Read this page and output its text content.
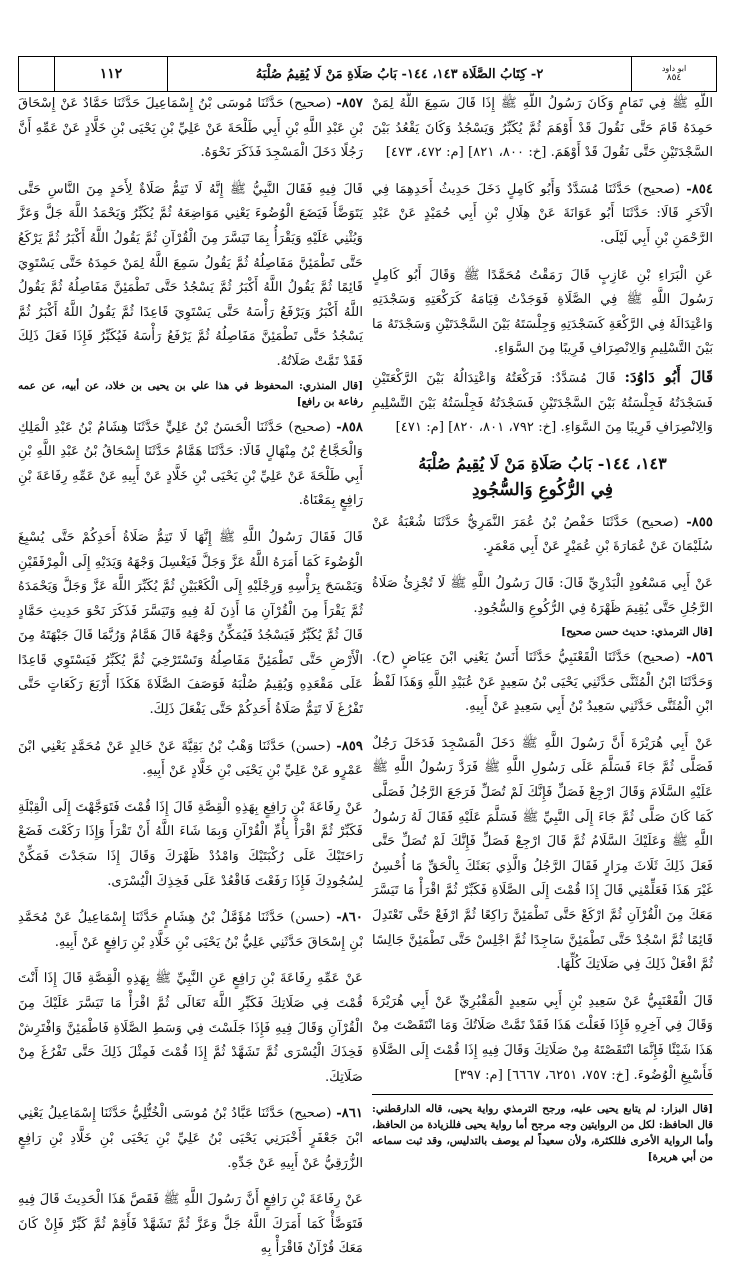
ابو داود
٨٥٤
٢- كِتَابُ الصَّلَاة ١٤٣، ١٤٤- بَابُ صَلَاةِ مَنْ لَا يُقِيمُ صُلْبَهُ
١١٢

اللَّهِ ﷺ فِي تَمَامٍ وَكَانَ رَسُولُ اللَّهِ ﷺ إِذَا قَالَ سَمِعَ اللَّهُ لِمَنْ حَمِدَهُ قَامَ حَتَّى نَقُولَ قَدْ أَوْهَمَ ثُمَّ يُكَبِّرُ وَيَسْجُدُ وَكَانَ يَقْعُدُ بَيْنَ السَّجْدَتَيْنِ حَتَّى نَقُولَ قَدْ أَوْهَمَ. [خ: ٨٠٠، ٨٢١] [م: ٤٧٢، ٤٧٣]

٨٥٤- (صحيح) حَدَّثَنَا مُسَدَّدٌ وَأَبُو كَامِلٍ دَخَلَ حَدِيثُ أَحَدِهِمَا فِي الْآخَرِ قَالَا: حَدَّثَنَا أَبُو عَوَانَةَ عَنْ هِلَالِ بْنِ أَبِي حُمَيْدٍ عَنْ عَبْدِ الرَّحْمَنِ بْنِ أَبِي لَيْلَى.

عَنِ الْبَرَاءِ بْنِ عَازِبٍ قَالَ رَمَقْتُ مُحَمَّدًا ﷺ وَقَالَ أَبُو كَامِلٍ رَسُولَ اللَّهِ ﷺ فِي الصَّلَاةِ فَوَجَدْتُ قِيَامَهُ كَرَكْعَتِهِ وَسَجْدَتِهِ وَاعْتِدَالَهُ فِي الرَّكْعَةِ كَسَجْدَتِهِ وَجِلْسَتَهُ بَيْنَ السَّجْدَتَيْنِ وَسَجْدَتَهُ مَا بَيْنَ التَّسْلِيمِ وَالِانْصِرَافِ قَرِيبًا مِنَ السَّوَاءِ.

قَالَ أَبُو دَاوُدَ: قَالَ مُسَدَّدٌ: فَرَكْعَتُهُ وَاعْتِدَالُهُ بَيْنَ الرَّكْعَتَيْنِ فَسَجْدَتُهُ فَجِلْسَتُهُ بَيْنَ السَّجْدَتَيْنِ فَسَجْدَتُهُ فَجِلْسَتُهُ بَيْنَ التَّسْلِيمِ وَالِانْصِرَافِ قَرِيبًا مِنَ السَّوَاءِ. [خ: ٧٩٢، ٨٠١، ٨٢٠] [م: ٤٧١]

١٤٣، ١٤٤- بَابُ صَلَاةِ مَنْ لَا يُقِيمُ صُلْبَهُ
فِي الرُّكُوعِ وَالسُّجُودِ

٨٥٥- (صحيح) حَدَّثَنَا حَفْصُ بْنُ عُمَرَ النَّمَرِيُّ حَدَّثَنَا شُعْبَةُ عَنْ سُلَيْمَانَ عَنْ عُمَارَةَ بْنِ عُمَيْرٍ عَنْ أَبِي مَعْمَرٍ.

عَنْ أَبِي مَسْعُودٍ الْبَدْرِيِّ قَالَ: قَالَ رَسُولُ اللَّهِ ﷺ لَا تُجْزِئُ صَلَاةُ الرَّجُلِ حَتَّى يُقِيمَ ظَهْرَهُ فِي الرُّكُوعِ وَالسُّجُودِ.

[قال الترمذي: حديث حسن صحيح]

٨٥٦- (صحيح) حَدَّثَنَا الْقَعْنَبِيُّ حَدَّثَنَا أَنَسٌ يَعْنِي ابْنَ عِيَاضٍ (ح). وَحَدَّثَنَا ابْنُ الْمُثَنَّى حَدَّثَنِي يَحْيَى بْنُ سَعِيدٍ عَنْ عُبَيْدِ اللَّهِ وَهَذَا لَفْظُ ابْنِ الْمُثَنَّى حَدَّثَنِي سَعِيدُ بْنُ أَبِي سَعِيدٍ عَنْ أَبِيهِ.

عَنْ أَبِي هُرَيْرَةَ أَنَّ رَسُولَ اللَّهِ ﷺ دَخَلَ الْمَسْجِدَ فَدَخَلَ رَجُلٌ فَصَلَّى ثُمَّ جَاءَ فَسَلَّمَ عَلَى رَسُولِ اللَّهِ ﷺ فَرَدَّ رَسُولُ اللَّهِ ﷺ عَلَيْهِ السَّلَامَ وَقَالَ ارْجِعْ فَصَلِّ فَإِنَّكَ لَمْ تُصَلِّ فَرَجَعَ الرَّجُلُ فَصَلَّى كَمَا كَانَ صَلَّى ثُمَّ جَاءَ إِلَى النَّبِيِّ ﷺ فَسَلَّمَ عَلَيْهِ فَقَالَ لَهُ رَسُولُ اللَّهِ ﷺ وَعَلَيْكَ السَّلَامُ ثُمَّ قَالَ ارْجِعْ فَصَلِّ فَإِنَّكَ لَمْ تُصَلِّ حَتَّى فَعَلَ ذَلِكَ ثَلَاثَ مِرَارٍ فَقَالَ الرَّجُلُ وَالَّذِي بَعَثَكَ بِالْحَقِّ مَا أُحْسِنُ غَيْرَ هَذَا فَعَلِّمْنِي قَالَ إِذَا قُمْتَ إِلَى الصَّلَاةِ فَكَبِّرْ ثُمَّ اقْرَأْ مَا تَيَسَّرَ مَعَكَ مِنَ الْقُرْآنِ ثُمَّ ارْكَعْ حَتَّى تَطْمَئِنَّ رَاكِعًا ثُمَّ ارْفَعْ حَتَّى تَعْتَدِلَ قَائِمًا ثُمَّ اسْجُدْ حَتَّى تَطْمَئِنَّ سَاجِدًا ثُمَّ اجْلِسْ حَتَّى تَطْمَئِنَّ جَالِسًا ثُمَّ افْعَلْ ذَلِكَ فِي صَلَاتِكَ كُلِّهَا.

قَالَ الْقَعْنَبِيُّ عَنْ سَعِيدِ بْنِ أَبِي سَعِيدٍ الْمَقْبُرِيِّ عَنْ أَبِي هُرَيْرَةَ وَقَالَ فِي آخِرِهِ فَإِذَا فَعَلْتَ هَذَا فَقَدْ تَمَّتْ صَلَاتُكَ وَمَا انْتَقَصْتَ مِنْ هَذَا شَيْئًا فَإِنَّمَا انْتَقَصْتَهُ مِنْ صَلَاتِكَ وَقَالَ فِيهِ إِذَا قُمْتَ إِلَى الصَّلَاةِ فَأَسْبِغِ الْوُضُوءَ. [خ: ٧٥٧، ٦٢٥١، ٦٦٦٧] [م: ٣٩٧]

[قال البزار: لم يتابع يحيى عليه، ورجح الترمذي رواية يحيى، قاله الدارقطني: قال الحافظ: لكل من الروايتين وجه مرجح أما رواية يحيى فللزيادة من الحافظ، وأما الرواية الأخرى فللكثرة، ولأن سعيداً لم يوصف بالتدليس، وقد ثبت سماعه من أبي هريرة]

٨٥٧- (صحيح) حَدَّثَنَا مُوسَى بْنُ إِسْمَاعِيلَ حَدَّثَنَا حَمَّادٌ عَنْ إِسْحَاقَ بْنِ عَبْدِ اللَّهِ بْنِ أَبِي طَلْحَةَ عَنْ عَلِيِّ بْنِ يَحْيَى بْنِ خَلَّادٍ عَنْ عَمِّهِ أَنَّ رَجُلًا دَخَلَ الْمَسْجِدَ فَذَكَرَ نَحْوَهُ.

قَالَ فِيهِ فَقَالَ النَّبِيُّ ﷺ إِنَّهُ لَا تَتِمُّ صَلَاةٌ لِأَحَدٍ مِنَ النَّاسِ حَتَّى يَتَوَضَّأَ فَيَضَعَ الْوُضُوءَ يَعْنِي مَوَاضِعَهُ ثُمَّ يُكَبِّرُ وَيَحْمَدُ اللَّهَ جَلَّ وَعَزَّ وَيُثْنِي عَلَيْهِ وَيَقْرَأُ بِمَا تَيَسَّرَ مِنَ الْقُرْآنِ ثُمَّ يَقُولُ اللَّهُ أَكْبَرُ ثُمَّ يَرْكَعُ حَتَّى تَطْمَئِنَّ مَفَاصِلُهُ ثُمَّ يَقُولُ سَمِعَ اللَّهُ لِمَنْ حَمِدَهُ حَتَّى يَسْتَوِيَ قَائِمًا ثُمَّ يَقُولُ اللَّهُ أَكْبَرُ ثُمَّ يَسْجُدُ حَتَّى تَطْمَئِنَّ مَفَاصِلُهُ ثُمَّ يَقُولُ اللَّهُ أَكْبَرُ وَيَرْفَعُ رَأْسَهُ حَتَّى يَسْتَوِيَ قَاعِدًا ثُمَّ يَقُولُ اللَّهُ أَكْبَرُ ثُمَّ يَسْجُدُ حَتَّى تَطْمَئِنَّ مَفَاصِلُهُ ثُمَّ يَرْفَعُ رَأْسَهُ فَيُكَبِّرُ فَإِذَا فَعَلَ ذَلِكَ فَقَدْ تَمَّتْ صَلَاتُهُ.

[قال المنذري: المحفوظ في هذا علي بن يحيى بن خلاد، عن أبيه، عن عمه رفاعة بن رافع]

٨٥٨- (صحيح) حَدَّثَنَا الْحَسَنُ بْنُ عَلِيٍّ حَدَّثَنَا هِشَامُ بْنُ عَبْدِ الْمَلِكِ وَالْحَجَّاجُ بْنُ مِنْهَالٍ قَالَا: حَدَّثَنَا هَمَّامٌ حَدَّثَنَا إِسْحَاقُ بْنُ عَبْدِ اللَّهِ بْنِ أَبِي طَلْحَةَ عَنْ عَلِيِّ بْنِ يَحْيَى بْنِ خَلَّادٍ عَنْ أَبِيهِ عَنْ عَمِّهِ رِفَاعَةَ بْنِ رَافِعٍ بِمَعْنَاهُ.

قَالَ فَقَالَ رَسُولُ اللَّهِ ﷺ إِنَّهَا لَا تَتِمُّ صَلَاةُ أَحَدِكُمْ حَتَّى يُسْبِغَ الْوُضُوءَ كَمَا أَمَرَهُ اللَّهُ عَزَّ وَجَلَّ فَيَغْسِلَ وَجْهَهُ وَيَدَيْهِ إِلَى الْمِرْفَقَيْنِ وَيَمْسَحَ بِرَأْسِهِ وَرِجْلَيْهِ إِلَى الْكَعْبَيْنِ ثُمَّ يُكَبِّرَ اللَّهَ عَزَّ وَجَلَّ وَيَحْمَدَهُ ثُمَّ يَقْرَأَ مِنَ الْقُرْآنِ مَا أَذِنَ لَهُ فِيهِ وَتَيَسَّرَ فَذَكَرَ نَحْوَ حَدِيثِ حَمَّادٍ قَالَ ثُمَّ يُكَبِّرُ فَيَسْجُدُ فَيُمَكِّنُ وَجْهَهُ قَالَ هَمَّامٌ وَرُبَّمَا قَالَ جَبْهَتَهُ مِنَ الْأَرْضِ حَتَّى تَطْمَئِنَّ مَفَاصِلُهُ وَتَسْتَرْخِيَ ثُمَّ يُكَبِّرُ فَيَسْتَوِي قَاعِدًا عَلَى مَقْعَدِهِ وَيُقِيمُ صُلْبَهُ فَوَصَفَ الصَّلَاةَ هَكَذَا أَرْبَعَ رَكَعَاتٍ حَتَّى تَفْرُغَ لَا تَتِمُّ صَلَاةُ أَحَدِكُمْ حَتَّى يَفْعَلَ ذَلِكَ.

٨٥٩- (حسن) حَدَّثَنَا وَهْبُ بْنُ بَقِيَّةَ عَنْ خَالِدٍ عَنْ مُحَمَّدٍ يَعْنِي ابْنَ عَمْرٍو عَنْ عَلِيِّ بْنِ يَحْيَى بْنِ خَلَّادٍ عَنْ أَبِيهِ.

عَنْ رِفَاعَةَ بْنِ رَافِعٍ بِهَذِهِ الْقِصَّةِ قَالَ إِذَا قُمْتَ فَتَوَجَّهْتَ إِلَى الْقِبْلَةِ فَكَبِّرْ ثُمَّ اقْرَأْ بِأُمِّ الْقُرْآنِ وَبِمَا شَاءَ اللَّهُ أَنْ تَقْرَأَ وَإِذَا رَكَعْتَ فَضَعْ رَاحَتَيْكَ عَلَى رُكْبَتَيْكَ وَامْدُدْ ظَهْرَكَ وَقَالَ إِذَا سَجَدْتَ فَمَكِّنْ لِسُجُودِكَ فَإِذَا رَفَعْتَ فَاقْعُدْ عَلَى فَخِذِكَ الْيُسْرَى.

٨٦٠- (حسن) حَدَّثَنَا مُؤَمَّلُ بْنُ هِشَامٍ حَدَّثَنَا إِسْمَاعِيلُ عَنْ مُحَمَّدِ بْنِ إِسْحَاقَ حَدَّثَنِي عَلِيُّ بْنُ يَحْيَى بْنِ خَلَّادِ بْنِ رَافِعٍ عَنْ أَبِيهِ.

عَنْ عَمِّهِ رِفَاعَةَ بْنِ رَافِعٍ عَنِ النَّبِيِّ ﷺ بِهَذِهِ الْقِصَّةِ قَالَ إِذَا أَنْتَ قُمْتَ فِي صَلَاتِكَ فَكَبِّرِ اللَّهَ تَعَالَى ثُمَّ اقْرَأْ مَا تَيَسَّرَ عَلَيْكَ مِنَ الْقُرْآنِ وَقَالَ فِيهِ فَإِذَا جَلَسْتَ فِي وَسَطِ الصَّلَاةِ فَاطْمَئِنَّ وَافْتَرِشْ فَخِذَكَ الْيُسْرَى ثُمَّ تَشَهَّدْ ثُمَّ إِذَا قُمْتَ فَمِثْلَ ذَلِكَ حَتَّى تَفْرُغَ مِنْ صَلَاتِكَ.

٨٦١- (صحيح) حَدَّثَنَا عَبَّادُ بْنُ مُوسَى الْخُتُّلِيُّ حَدَّثَنَا إِسْمَاعِيلُ يَعْنِي ابْنَ جَعْفَرٍ أَخْبَرَنِي يَحْيَى بْنُ عَلِيِّ بْنِ يَحْيَى بْنِ خَلَّادِ بْنِ رَافِعٍ الزُّرَقِيُّ عَنْ أَبِيهِ عَنْ جَدِّهِ.

عَنْ رِفَاعَةَ بْنِ رَافِعٍ أَنَّ رَسُولَ اللَّهِ ﷺ فَقَصَّ هَذَا الْحَدِيثَ قَالَ فِيهِ فَتَوَضَّأْ كَمَا أَمَرَكَ اللَّهُ جَلَّ وَعَزَّ ثُمَّ تَشَهَّدْ فَأَقِمْ ثُمَّ كَبِّرْ فَإِنْ كَانَ مَعَكَ قُرْآنٌ فَاقْرَأْ بِهِ
